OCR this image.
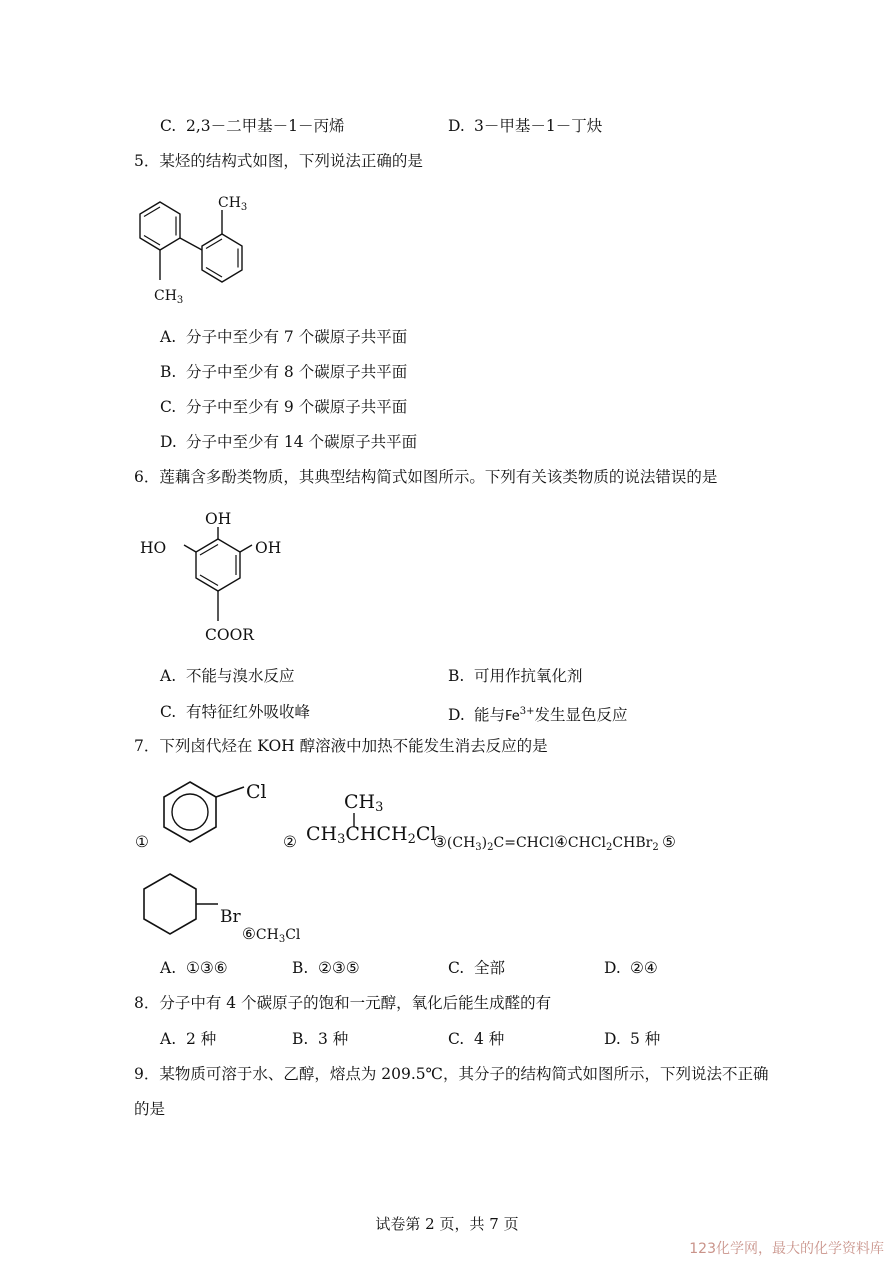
C. 2,3－二甲基－1－丙烯	D. 3－甲基－1－丁炔
5．某烃的结构式如图，下列说法正确的是
$CH_3$
$CH_3$
A. 分子中至少有 7 个碳原子共平面
B. 分子中至少有 8 个碳原子共平面
C. 分子中至少有 9 个碳原子共平面
D. 分子中至少有 14 个碳原子共平面
6．莲藕含多酚类物质，其典型结构简式如图所示。下列有关该类物质的说法错误的是
OH
HO	OH
COOR
A. 不能与溴水反应	B. 可用作抗氧化剂
C. 有特征红外吸收峰	D. 能与$Fe^{3+}$发生显色反应
7．下列卤代烃在 KOH 醇溶液中加热不能发生消去反应的是
①
Cl
②
$CH_3$
$CH_3CHCH_2Cl$
$③(CH_3)_2C=CHCl$ ④CHCl$_2$CHBr$_2$ ⑤
Br
$⑥CH_3Cl$
A. ①③⑥	B. ②③⑤	C. 全部	D. ②④
8．分子中有 4 个碳原子的饱和一元醇，氧化后能生成醛的有
A. 2 种	B. 3 种	C. 4 种	D. 5 种
9．某物质可溶于水、乙醇，熔点为 209.5℃，其分子的结构简式如图所示，下列说法不正确
的是
试卷第 2 页，共 7 页
123化学网，最大的化学资料库
